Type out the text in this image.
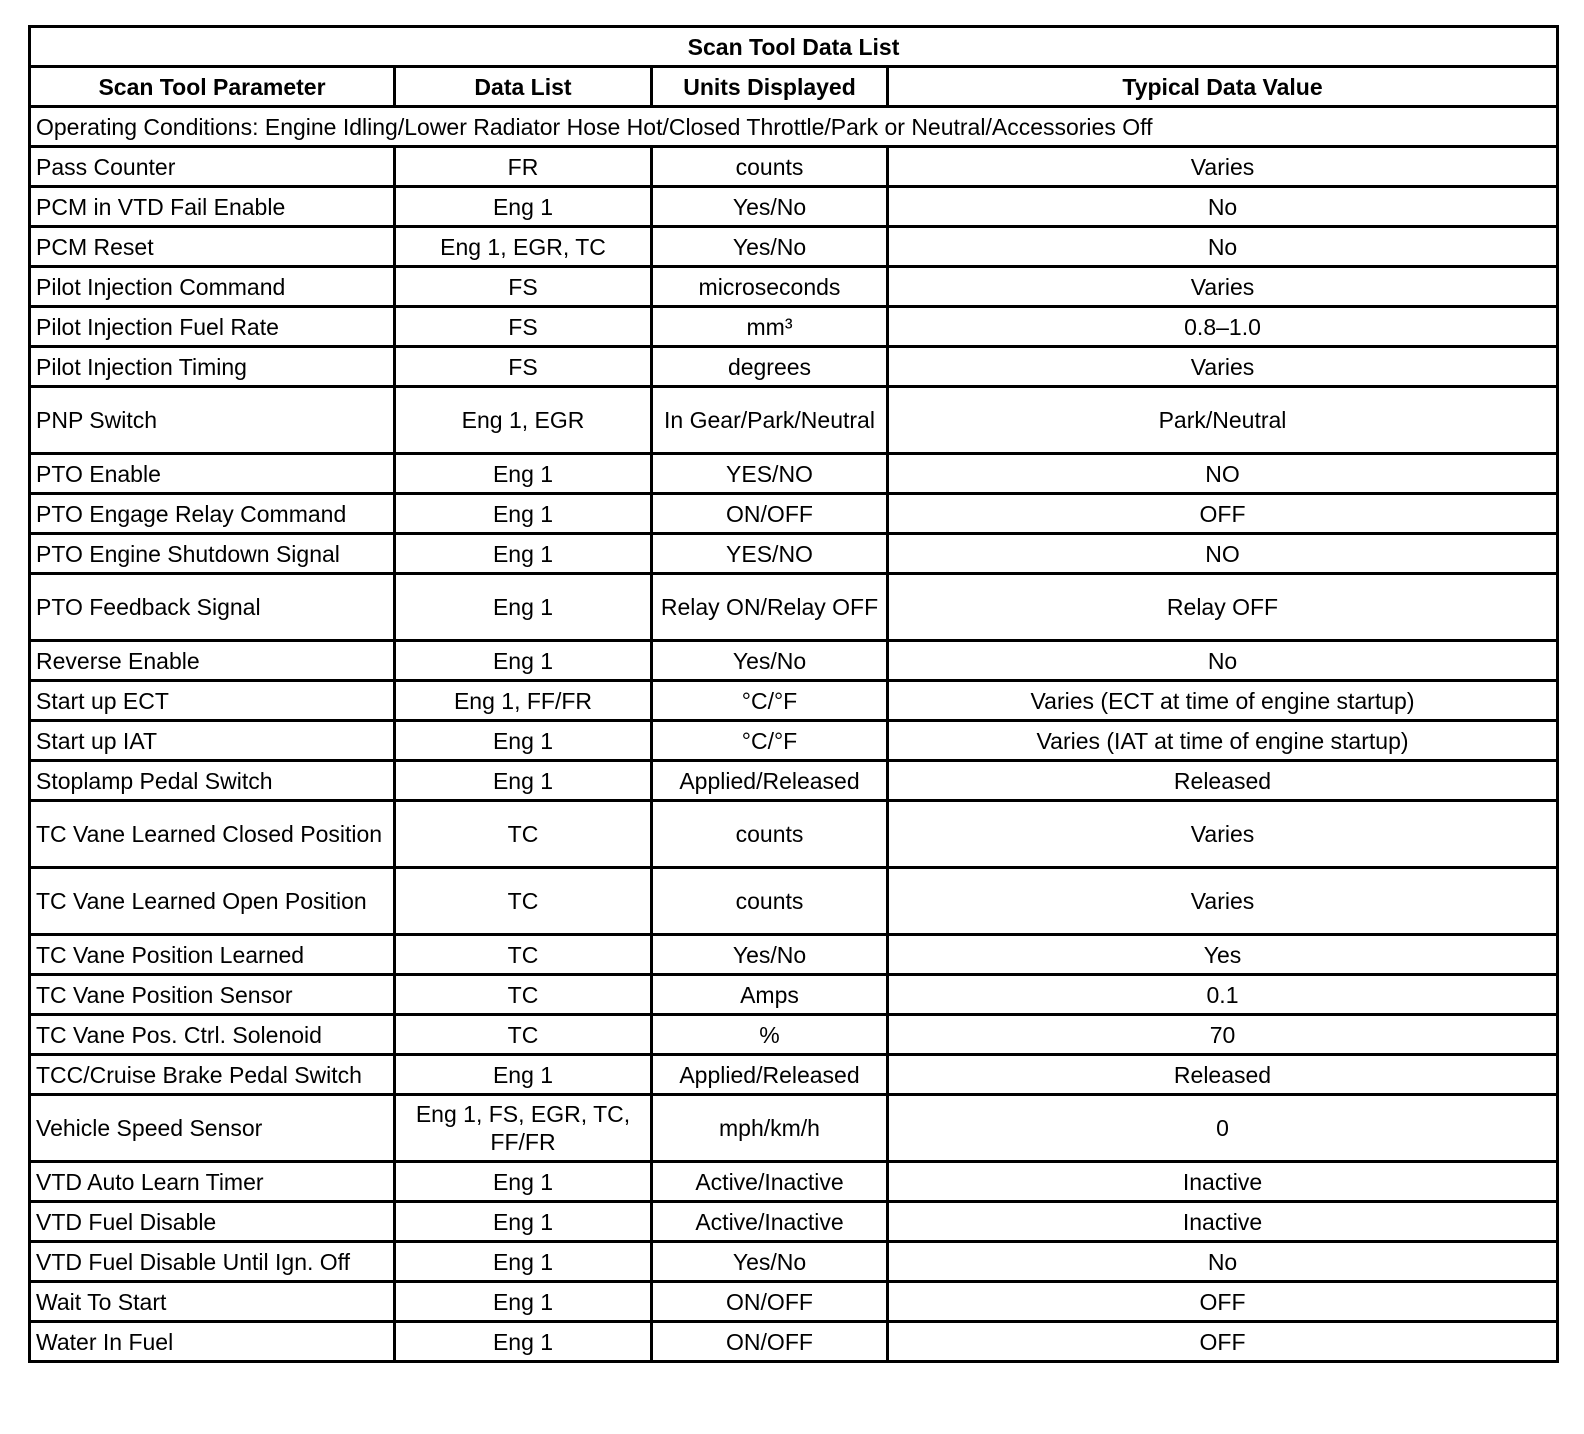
Scan Tool Data List			
Scan Tool Parameter	Data List	Units Displayed	Typical Data Value
Operating Conditions: Engine Idling/Lower Radiator Hose Hot/Closed Throttle/Park or Neutral/Accessories Off			
Pass Counter	FR	counts	Varies
PCM in VTD Fail Enable	Eng 1	Yes/No	No
PCM Reset	Eng 1, EGR, TC	Yes/No	No
Pilot Injection Command	FS	microseconds	Varies
Pilot Injection Fuel Rate	FS	mm³	0.8–1.0
Pilot Injection Timing	FS	degrees	Varies
PNP Switch	Eng 1, EGR	In Gear/Park/Neutral	Park/Neutral
PTO Enable	Eng 1	YES/NO	NO
PTO Engage Relay Command	Eng 1	ON/OFF	OFF
PTO Engine Shutdown Signal	Eng 1	YES/NO	NO
PTO Feedback Signal	Eng 1	Relay ON/Relay OFF	Relay OFF
Reverse Enable	Eng 1	Yes/No	No
Start up ECT	Eng 1, FF/FR	°C/°F	Varies (ECT at time of engine startup)
Start up IAT	Eng 1	°C/°F	Varies (IAT at time of engine startup)
Stoplamp Pedal Switch	Eng 1	Applied/Released	Released
TC Vane Learned Closed Position	TC	counts	Varies
TC Vane Learned Open Position	TC	counts	Varies
TC Vane Position Learned	TC	Yes/No	Yes
TC Vane Position Sensor	TC	Amps	0.1
TC Vane Pos. Ctrl. Solenoid	TC	%	70
TCC/Cruise Brake Pedal Switch	Eng 1	Applied/Released	Released
Vehicle Speed Sensor	Eng 1, FS, EGR, TC, FF/FR	mph/km/h	0
VTD Auto Learn Timer	Eng 1	Active/Inactive	Inactive
VTD Fuel Disable	Eng 1	Active/Inactive	Inactive
VTD Fuel Disable Until Ign. Off	Eng 1	Yes/No	No
Wait To Start	Eng 1	ON/OFF	OFF
Water In Fuel	Eng 1	ON/OFF	OFF
